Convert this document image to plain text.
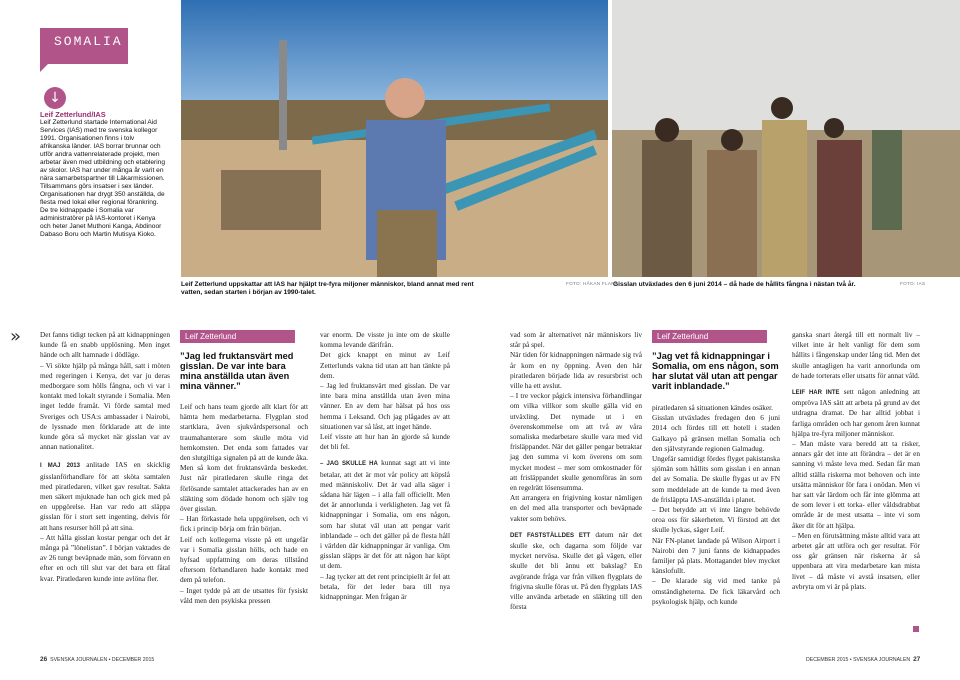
SOMALIA
↓
Leif Zetterlund/IAS
Leif Zetterlund startade International Aid Services (IAS) med tre svenska kollegor 1991. Organisationen finns i tolv afrikanska länder. IAS borrar brunnar och utför andra vattenrelaterade projekt, men arbetar även med utbildning och etablering av skolor. IAS har under många år varit en nära samarbetspartner till Läkarmissionen. Tillsammans görs insatser i sex länder. Organisationen har drygt 350 anställda, de flesta med lokal eller regional förankring. De tre kidnappade i Somalia var administratörer på IAS-kontoret i Kenya och heter Janet Muthoni Kanga, Abdinoor Dabaso Boru och Martin Mutisya Kioko.
Leif Zetterlund uppskattar att IAS har hjälpt tre-fyra miljoner människor, bland annat med rent vatten, sedan starten i början av 1990-talet.
FOTO: HÅKAN FLANK
Gisslan utväxlades den 6 juni 2014 – då hade de hållits fångna i nästan två år.	FOTO: IAS
»	Det fanns tidigt tecken på att kidnappningen kunde få en snabb upplösning. Men inget hände och allt hamnade i dödläge.

– Vi sökte hjälp på många håll, satt i möten med regeringen i Kenya, det var ju deras medborgare som hölls fångna, och vi var i kontakt med lokalt styrande i Somalia. Men inget ledde framåt. Vi förde samtal med Sveriges och USA:s ambassader i Nairobi, de lyssnade men förklarade att de inte kunde göra så mycket när gisslan var av annan nationalitet.

I MAJ 2013 anlitade IAS en skicklig gisslanförhandlare för att sköta samtalen med piratledaren, vilket gav resultat. Sakta men säkert mjuknade han och gick med på en uppgörelse. Han var redo att släppa gisslan för i stort sett ingenting, delvis för att hans resurser höll på att sina.

– Att hålla gisslan kostar pengar och det är många på ”lönelistan”. I början vaktades de av 26 tungt beväpnade män, som förvann en efter en och till slut var det bara ett fåtal kvar. Piratledaren kunde inte avlöna fler.

Leif Zetterlund
”Jag led fruktansvärt med gisslan. De var inte bara mina anställda utan även mina vänner.”
Leif och hans team gjorde allt klart för att hämta hem medarbetarna. Flygplan stod startklara, även sjukvårdspersonal och traumahanterare som skulle möta vid hemkomsten. Det enda som fattades var den slutgiltiga signalen på att de kunde åka. Men så kom det fruktansvärda beskedet. Just när piratledaren skulle ringa det förlösande samtalet attackerades han av en släkting som dödade honom och själv tog över gisslan.
– Han förkastade hela uppgörelsen, och vi fick i princip börja om från början.
Leif och kollegerna visste på ett ungefär var i Somalia gisslan hölls, och hade en hyfsad uppfattning om deras tillstånd eftersom förhandlaren hade kontakt med dem på telefon.
– Inget tydde på att de utsattes för fysiskt våld men den psykiska pressen

var enorm. De visste ju inte om de skulle komma levande därifrån.
Det gick knappt en minut av Leif Zetterlunds vakna tid utan att han tänkte på dem.
– Jag led fruktansvärt med gisslan. De var inte bara mina anställda utan även mina vänner. En av dem har hälsat på hos oss hemma i Leksand. Och jag plågades av att situationen var så låst, att inget hände.
Leif visste att hur han än gjorde så kunde det bli fel.

– JAG SKULLE HA kunnat sagt att vi inte betalar, att det är mot vår policy att köpslå med människoliv. Det är vad alla säger i sådana här lägen – i alla fall officiellt. Men det är annorlunda i verkligheten. Jag vet få kidnappningar i Somalia, om ens någon, som har slutat väl utan att pengar varit inblandade – och det gäller på de flesta håll i världen där kidnappningar är vanliga. Om gisslan släpps är det för att någon har köpt ut dem.
– Jag tycker att det rent principiellt är fel att betala, för det leder bara till nya kidnappningar. Men frågan är

vad som är alternativet när människors liv står på spel.
När tiden för kidnappningen närmade sig två år kom en ny öppning. Även den här piratledaren började lida av resursbrist och ville ha ett avslut.
– I tre veckor pågick intensiva förhandlingar om vilka villkor som skulle gälla vid en utväxling. Det nymade ut i en överenskommelse om att två av våra somaliska medarbetare skulle vara med vid frisläppandet. När det gäller pengar betraktar jag den summa vi kom överens om som mycket modest – mer som omkostnader för att frisläppandet skulle genomföras än som en regelrätt lösensumma.
Att arrangera en frigivning kostar nämligen en del med alla transporter och beväpnade vakter som behövs.

DET FASTSTÄLLDES ETT datum när det skulle ske, och dagarna som följde var mycket nervösa. Skulle det gå vägen, eller skulle det bli ännu ett bakslag? En avgörande fråga var från vilken flygplats de frigivna skulle föras ut. På den flygplats IAS ville använda arbetade en släkting till den första

Leif Zetterlund
”Jag vet få kidnappningar i Somalia, om ens någon, som har slutat väl utan att pengar varit inblandade.”
piratledaren så situationen kändes osäker.
Gisslan utväxlades fredagen den 6 juni 2014 och fördes till ett hotell i staden Galkayo på gränsen mellan Somalia och den självstyrande regionen Galmadug.
Ungefär samtidigt fördes flyget pakistanska sjömän som hållits som gisslan i en annan del av Somalia. De skulle flygas ut av FN som meddelade att de kunde ta med även de frisläppta IAS-anställda i planet.
– Det betydde att vi inte längre behövde oroa oss för säkerheten. Vi förstod att det skulle lyckas, säger Leif.
När FN-planet landade på Wilson Airport i Nairobi den 7 juni fanns de kidnappades familjer på plats. Mottagandet blev mycket känslofullt.
– De klarade sig vid med tanke på omständigheterna. De fick läkarvård och psykologisk hjälp, och kunde

ganska snart återgå till ett normalt liv – vilket inte är helt vanligt för dem som hållits i fångenskap under lång tid. Men det skulle antagligen ha varit annorlunda om de hade torterats eller utsatts för annat våld.

LEIF HAR INTE sett någon anledning att ompröva IAS sätt att arbeta på grund av det utdragna dramat. De har alltid jobbat i farliga områden och har genom åren kunnat hjälpa tre-fyra miljoner människor.
– Man måste vara beredd att ta risker, annars går det inte att förändra – det är en sanning vi måste leva med. Sedan får man alltid ställa riskerna mot behoven och inte utsätta människor för fara i onödan. Men vi har satt vår lärdom och får inte glömma att de som lever i ett torka- eller våldsdrabbat område är de mest utsatta – inte vi som åker dit för att hjälpa.
– Men en förutsättning måste alltid vara att arbetet går att utföra och ger resultat. För oss går gränsen när riskerna är så uppenbara att vira medarbetare kan mista livet – då måste vi avstå insatsen, eller avbryta om vi är på plats.

26 SVENSKA JOURNALEN • DECEMBER 2015	DECEMBER 2015 • SVENSKA JOURNALEN 27
